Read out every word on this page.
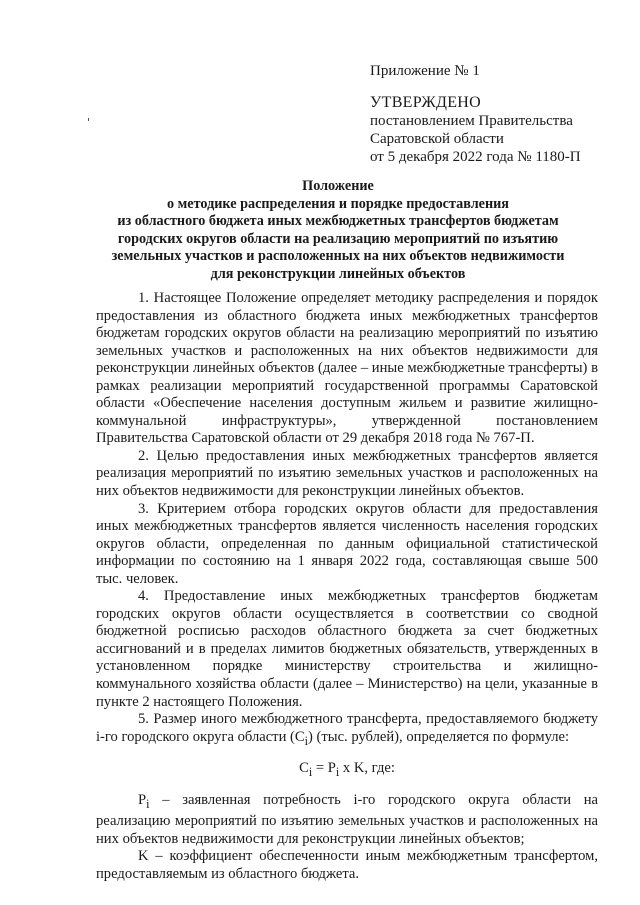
Приложение № 1
УТВЕРЖДЕНО
постановлением Правительства
Саратовской области
от 5 декабря 2022 года № 1180-П
Положение
о методике распределения и порядке предоставления
из областного бюджета иных межбюджетных трансфертов бюджетам
городских округов области на реализацию мероприятий по изъятию
земельных участков и расположенных на них объектов недвижимости
для реконструкции линейных объектов

1. Настоящее Положение определяет методику распределения и порядок предоставления из областного бюджета иных межбюджетных трансфертов бюджетам городских округов области на реализацию мероприятий по изъятию земельных участков и расположенных на них объектов недвижимости для реконструкции линейных объектов (далее – иные межбюджетные трансферты) в рамках реализации мероприятий государственной программы Саратовской области «Обеспечение населения доступным жильем и развитие жилищно-коммунальной инфраструктуры», утвержденной постановлением Правительства Саратовской области от 29 декабря 2018 года № 767-П.

2. Целью предоставления иных межбюджетных трансфертов является реализация мероприятий по изъятию земельных участков и расположенных на них объектов недвижимости для реконструкции линейных объектов.

3. Критерием отбора городских округов области для предоставления иных межбюджетных трансфертов является численность населения городских округов области, определенная по данным официальной статистической информации по состоянию на 1 января 2022 года, составляющая свыше 500 тыс. человек.

4. Предоставление иных межбюджетных трансфертов бюджетам городских округов области осуществляется в соответствии со сводной бюджетной росписью расходов областного бюджета за счет бюджетных ассигнований и в пределах лимитов бюджетных обязательств, утвержденных в установленном порядке министерству строительства и жилищно-коммунального хозяйства области (далее – Министерство) на цели, указанные в пункте 2 настоящего Положения.

5. Размер иного межбюджетного трансферта, предоставляемого бюджету i-го городского округа области $(C_i)$ (тыс. рублей), определяется по формуле:

$C_i = P_i$ x K, где:

$P_i$ – заявленная потребность i-го городского округа области на реализацию мероприятий по изъятию земельных участков и расположенных на них объектов недвижимости для реконструкции линейных объектов;

K – коэффициент обеспеченности иным межбюджетным трансфертом, предоставляемым из областного бюджета.
